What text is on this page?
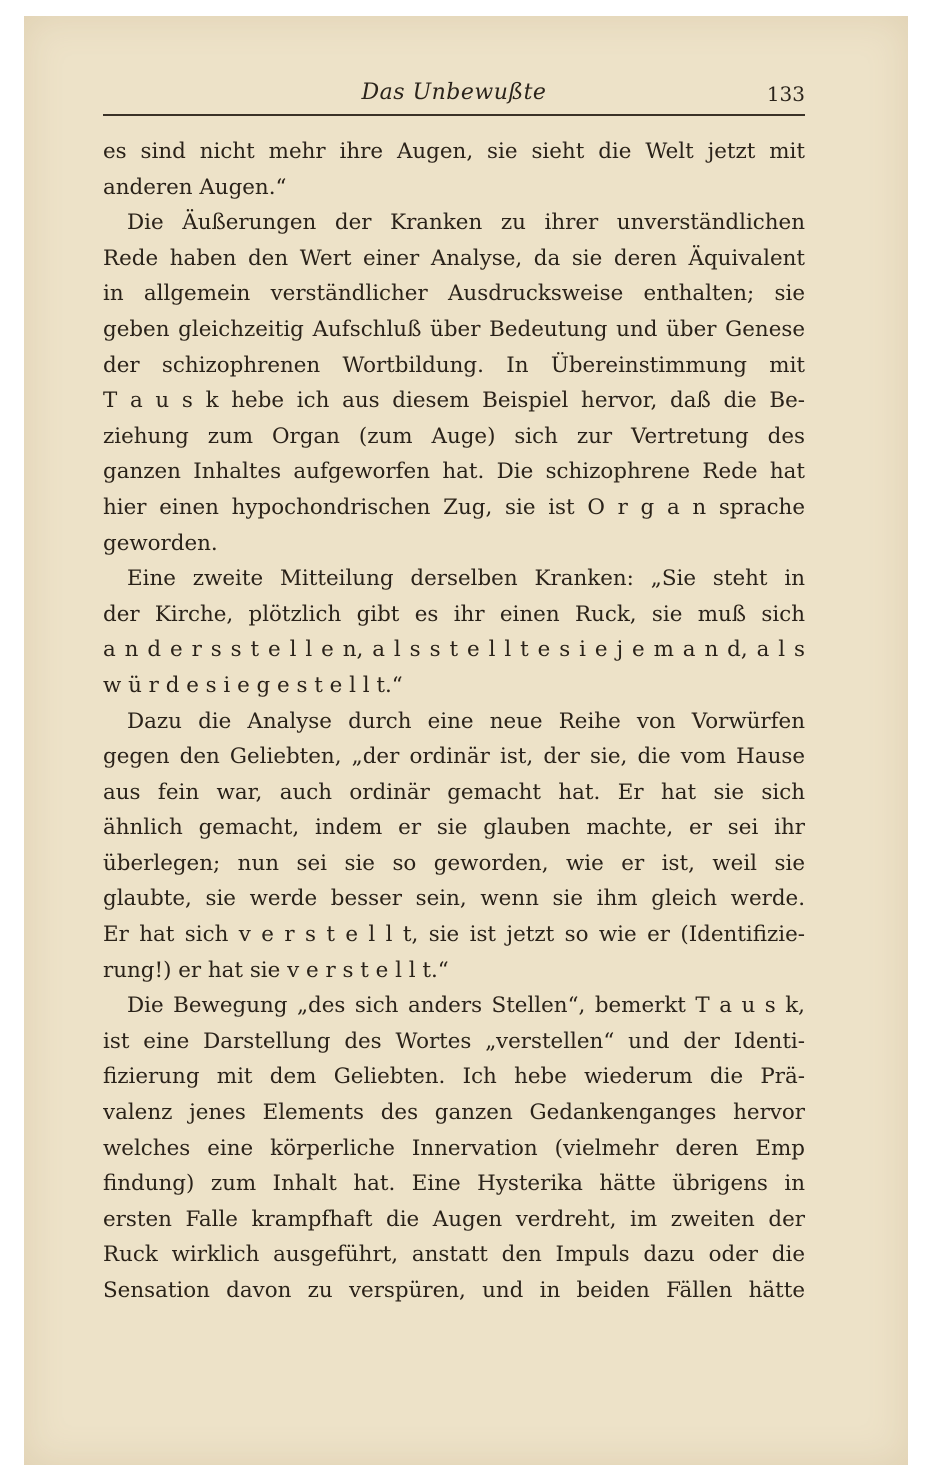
Das Unbewußte	133
es sind nicht mehr ihre Augen, sie sieht die Welt jetzt mit
anderen Augen.“
Die Äußerungen der Kranken zu ihrer unverständlichen
Rede haben den Wert einer Analyse, da sie deren Äquivalent
in allgemein verständlicher Ausdrucksweise enthalten; sie
geben gleichzeitig Aufschluß über Bedeutung und über Genese
der schizophrenen Wortbildung. In Übereinstimmung mit
T a u s k hebe ich aus diesem Beispiel hervor, daß die Be-
ziehung zum Organ (zum Auge) sich zur Vertretung des
ganzen Inhaltes aufgeworfen hat. Die schizophrene Rede hat
hier einen hypochondrischen Zug, sie ist O r g a n sprache
geworden.
Eine zweite Mitteilung derselben Kranken: „Sie steht in
der Kirche, plötzlich gibt es ihr einen Ruck, sie muß sich
a n d e r s s t e l l e n, a l s s t e l l t e s i e j e m a n d, a l s
w ü r d e s i e g e s t e l l t.“
Dazu die Analyse durch eine neue Reihe von Vorwürfen
gegen den Geliebten, „der ordinär ist, der sie, die vom Hause
aus fein war, auch ordinär gemacht hat. Er hat sie sich
ähnlich gemacht, indem er sie glauben machte, er sei ihr
überlegen; nun sei sie so geworden, wie er ist, weil sie
glaubte, sie werde besser sein, wenn sie ihm gleich werde.
Er hat sich v e r s t e l l t, sie ist jetzt so wie er (Identifizie-
rung!) er hat sie v e r s t e l l t.“
Die Bewegung „des sich anders Stellen“, bemerkt T a u s k,
ist eine Darstellung des Wortes „verstellen“ und der Identi-
fizierung mit dem Geliebten. Ich hebe wiederum die Prä-
valenz jenes Elements des ganzen Gedankenganges hervor
welches eine körperliche Innervation (vielmehr deren Emp
findung) zum Inhalt hat. Eine Hysterika hätte übrigens in
ersten Falle krampfhaft die Augen verdreht, im zweiten der
Ruck wirklich ausgeführt, anstatt den Impuls dazu oder die
Sensation davon zu verspüren, und in beiden Fällen hätte
